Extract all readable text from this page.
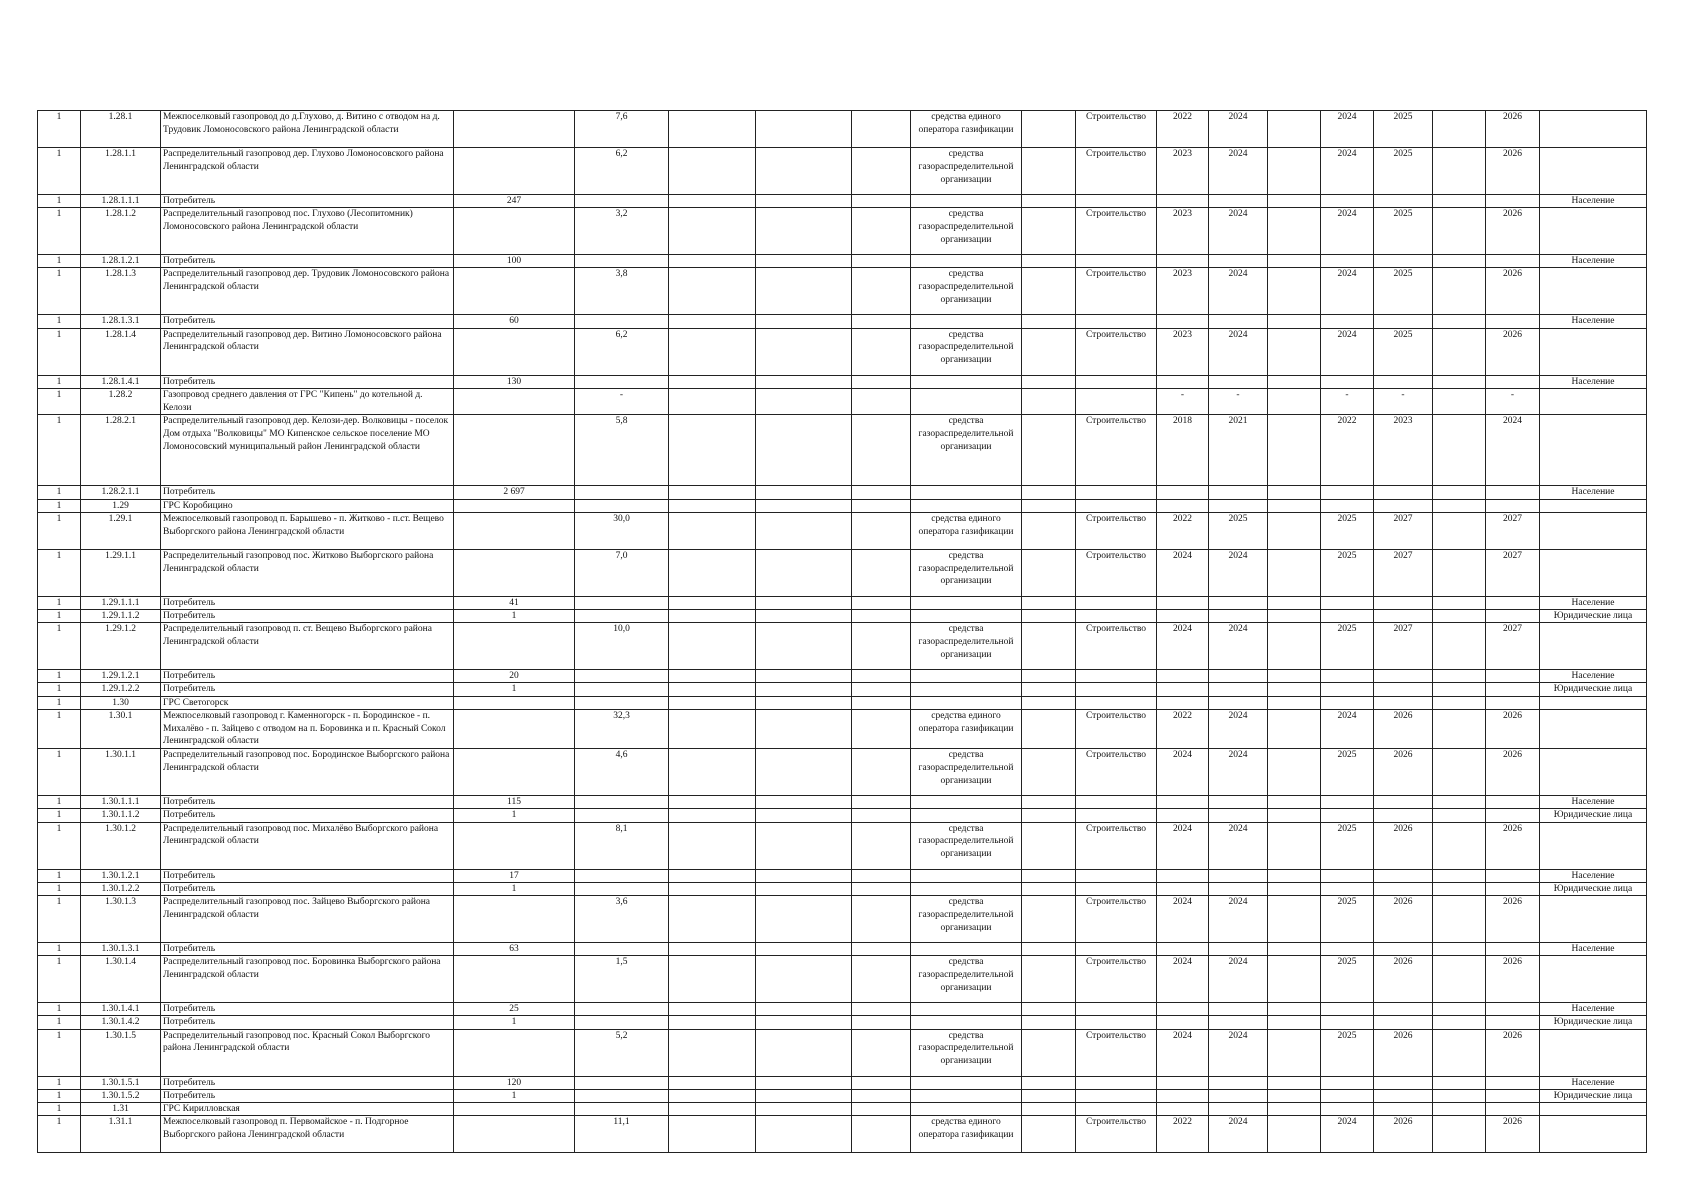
1	1.28.1	Межпоселковый газопровод до д.Глухово, д. Витино с отводом на д. Трудовик Ломоносовского района Ленинградской области		7,6				средства единого оператора газификации		Строительство	2022	2024		2024	2025		2026	
1	1.28.1.1	Распределительный газопровод дер. Глухово Ломоносовского района Ленинградской области		6,2				средства газораспределительной организации		Строительство	2023	2024		2024	2025		2026	
1	1.28.1.1.1	Потребитель	247															Население
1	1.28.1.2	Распределительный газопровод пос. Глухово (Лесопитомник) Ломоносовского района Ленинградской области		3,2				средства газораспределительной организации		Строительство	2023	2024		2024	2025		2026	
1	1.28.1.2.1	Потребитель	100															Население
1	1.28.1.3	Распределительный газопровод дер. Трудовик Ломоносовского района Ленинградской области		3,8				средства газораспределительной организации		Строительство	2023	2024		2024	2025		2026	
1	1.28.1.3.1	Потребитель	60															Население
1	1.28.1.4	Распределительный газопровод дер. Витино Ломоносовского района Ленинградской области		6,2				средства газораспределительной организации		Строительство	2023	2024		2024	2025		2026	
1	1.28.1.4.1	Потребитель	130															Население
1	1.28.2	Газопровод среднего давления от ГРС "Кипень" до котельной д. Келози		-							-	-		-	-		-	
1	1.28.2.1	Распределительный газопровод дер. Келози-дер. Волковицы - поселок Дом отдыха "Волковицы" МО Кипенское сельское поселение МО Ломоносовский муниципальный район Ленинградской области		5,8				средства газораспределительной организации		Строительство	2018	2021		2022	2023		2024	
1	1.28.2.1.1	Потребитель	2 697															Население
1	1.29	ГРС Коробицино																
1	1.29.1	Межпоселковый газопровод п. Барышево - п. Житково - п.ст. Вещево Выборгского района Ленинградской области		30,0				средства единого оператора газификации		Строительство	2022	2025		2025	2027		2027	
1	1.29.1.1	Распределительный газопровод пос. Житково Выборгского района Ленинградской области		7,0				средства газораспределительной организации		Строительство	2024	2024		2025	2027		2027	
1	1.29.1.1.1	Потребитель	41															Население
1	1.29.1.1.2	Потребитель	1															Юридические лица
1	1.29.1.2	Распределительный газопровод п. ст. Вещево Выборгского района Ленинградской области		10,0				средства газораспределительной организации		Строительство	2024	2024		2025	2027		2027	
1	1.29.1.2.1	Потребитель	20															Население
1	1.29.1.2.2	Потребитель	1															Юридические лица
1	1.30	ГРС Светогорск																
1	1.30.1	Межпоселковый газопровод г. Каменногорск - п. Бородинское - п. Михалёво - п. Зайцево с отводом на п. Боровинка и п. Красный Сокол Ленинградской области		32,3				средства единого оператора газификации		Строительство	2022	2024		2024	2026		2026	
1	1.30.1.1	Распределительный газопровод пос. Бородинское Выборгского района Ленинградской области		4,6				средства газораспределительной организации		Строительство	2024	2024		2025	2026		2026	
1	1.30.1.1.1	Потребитель	115															Население
1	1.30.1.1.2	Потребитель	1															Юридические лица
1	1.30.1.2	Распределительный газопровод пос. Михалёво Выборгского района Ленинградской области		8,1				средства газораспределительной организации		Строительство	2024	2024		2025	2026		2026	
1	1.30.1.2.1	Потребитель	17															Население
1	1.30.1.2.2	Потребитель	1															Юридические лица
1	1.30.1.3	Распределительный газопровод пос. Зайцево Выборгского района Ленинградской области		3,6				средства газораспределительной организации		Строительство	2024	2024		2025	2026		2026	
1	1.30.1.3.1	Потребитель	63															Население
1	1.30.1.4	Распределительный газопровод пос. Боровинка Выборгского района Ленинградской области		1,5				средства газораспределительной организации		Строительство	2024	2024		2025	2026		2026	
1	1.30.1.4.1	Потребитель	25															Население
1	1.30.1.4.2	Потребитель	1															Юридические лица
1	1.30.1.5	Распределительный газопровод пос. Красный Сокол Выборгского района Ленинградской области		5,2				средства газораспределительной организации		Строительство	2024	2024		2025	2026		2026	
1	1.30.1.5.1	Потребитель	120															Население
1	1.30.1.5.2	Потребитель	1															Юридические лица
1	1.31	ГРС Кирилловская																
1	1.31.1	Межпоселковый газопровод п. Первомайское - п. Подгорное Выборгского района Ленинградской области		11,1				средства единого оператора газификации		Строительство	2022	2024		2024	2026		2026	
